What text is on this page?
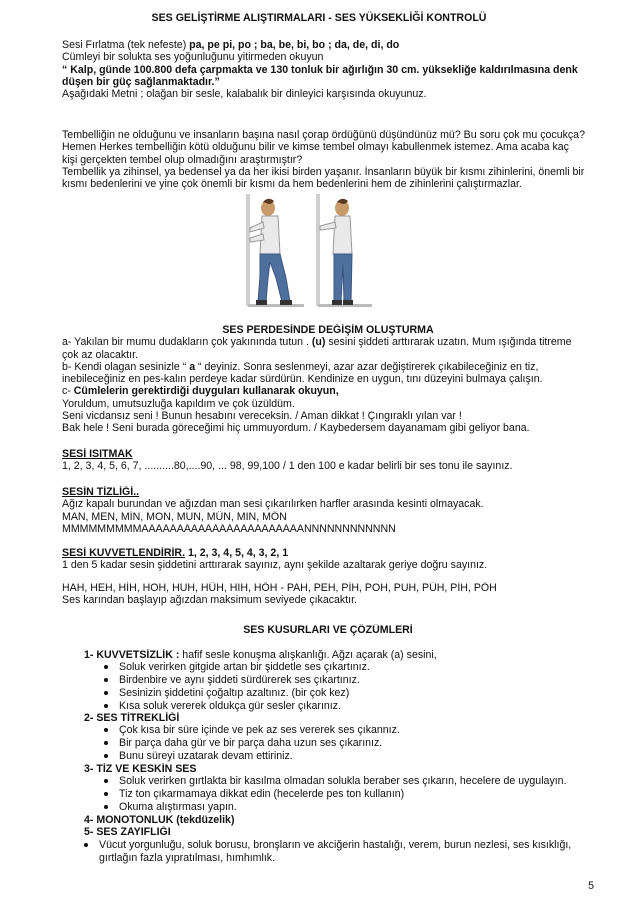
SES GELİŞTİRME ALIŞTIRMALARI - SES YÜKSEKLİĞİ KONTROLÜ
Sesi Fırlatma (tek nefeste) pa, pe pi, po ; ba, be, bi, bo ; da, de, di, do
Cümleyi bir solukta ses yoğunluğunu yitirmeden okuyun
“ Kalp, günde 100.800 defa çarpmakta ve 130 tonluk bir ağırlığın 30 cm. yüksekliğe kaldırılmasına denk
düşen bir güç sağlanmaktadır.”
Aşağıdaki Metni ; olağan bir sesle, kalabalık bir dinleyici karşısında okuyunuz.
Tembelliğin ne olduğunu ve insanların başına nasıl çorap ördüğünü düşündünüz mü? Bu soru çok mu çocukça?
Hemen Herkes tembelliğin kötü olduğunu bilir ve kimse tembel olmayı kabullenmek istemez. Ama acaba kaç
kişi gerçekten tembel olup olmadığını araştırmıştır?
Tembellik ya zihinsel, ya bedensel ya da her ikisi birden yaşanır. İnsanların büyük bir kısmı zihinlerini, önemli bir
kısmı bedenlerini ve yine çok önemli bir kısmı da hem bedenlerini hem de zihinlerini çalıştırmazlar.
SES PERDESİNDE DEĞİŞİM OLUŞTURMA
a- Yakılan bir mumu dudakların çok yakınında tutun . (u) sesini şiddeti arttırarak uzatın. Mum ışığında titreme
çok az olacaktır.
b- Kendi olagan sesinizle “ a “ deyiniz. Sonra seslenmeyi, azar azar değiştirerek çıkabileceğiniz en tiz,
inebileceğiniz en pes-kalın perdeye kadar sürdürün. Kendinize en uygun, tını düzeyini bulmaya çalışın.
c- Cümlelerin gerektirdiği duyguları kullanarak okuyun,
Yoruldum, umutsuzluğa kapıldım ve çok üzüldüm.
Seni vicdansız seni ! Bunun hesabını vereceksin. / Aman dikkat ! Çıngıraklı yılan var !
Bak hele ! Seni burada göreceğimi hiç ummuyordum. / Kaybedersem dayanamam gibi geliyor bana.
SESİ ISITMAK
1, 2, 3, 4, 5, 6, 7, ..........80,....90, ... 98, 99,100 / 1 den 100 e kadar belirli bir ses tonu ile sayınız.
SESİN TİZLİĞİ..
Ağız kapalı burundan ve ağızdan man sesi çıkarılırken harfler arasında kesinti olmayacak.
MAN, MEN, MİN, MON, MUN, MÜN, MIN, MÖN
MMMMMMMMMAAAAAAAAAAAAAAAAAAAAAAANNNNNNNNNNNN
SESİ KUVVETLENDİRİR. 1, 2, 3, 4, 5, 4, 3, 2, 1
1 den 5 kadar sesin şiddetini arttırarak sayınız, aynı şekilde azaltarak geriye doğru sayınız.
HAH, HEH, HİH, HOH, HUH, HÜH, HIH, HÖH - PAH, PEH, PİH, POH, PUH, PÜH, PİH, PÖH
Ses karından başlayıp ağızdan maksimum seviyede çıkacaktır.
SES KUSURLARI VE ÇÖZÜMLERİ
1- KUVVETSİZLİK : hafif sesle konuşma alışkanlığı. Ağzı açarak (a) sesini,
Soluk verirken gitgide artan bir şiddetle ses çıkartınız.
Birdenbire ve aynı şiddeti sürdürerek ses çıkartınız.
Sesinizin şiddetini çoğaltıp azaltınız. (bir çok kez)
Kısa soluk vererek oldukça gür sesler çıkarınız.
2- SES TİTREKLİĞİ
Çok kısa bir süre içinde ve pek az ses vererek ses çıkannız.
Bir parça daha gür ve bir parça daha uzun ses çıkarınız.
Bunu süreyi uzatarak devam ettiriniz.
3- TİZ VE KESKİN SES
Soluk verirken gırtlakta bir kasılma olmadan solukla beraber ses çıkarın, hecelere de uygulayın.
Tiz ton çıkarmamaya dikkat edin (hecelerde pes ton kullanın)
Okuma alıştırması yapın.
4- MONOTONLUK (tekdüzelik)
5- SES ZAYIFLIĞI
Vücut yorgunluğu, soluk borusu, bronşların ve akciğerin hastalığı, verem, burun nezlesi, ses kısıklığı,
gırtlağın fazla yıpratılması, hımhımlık.
5
